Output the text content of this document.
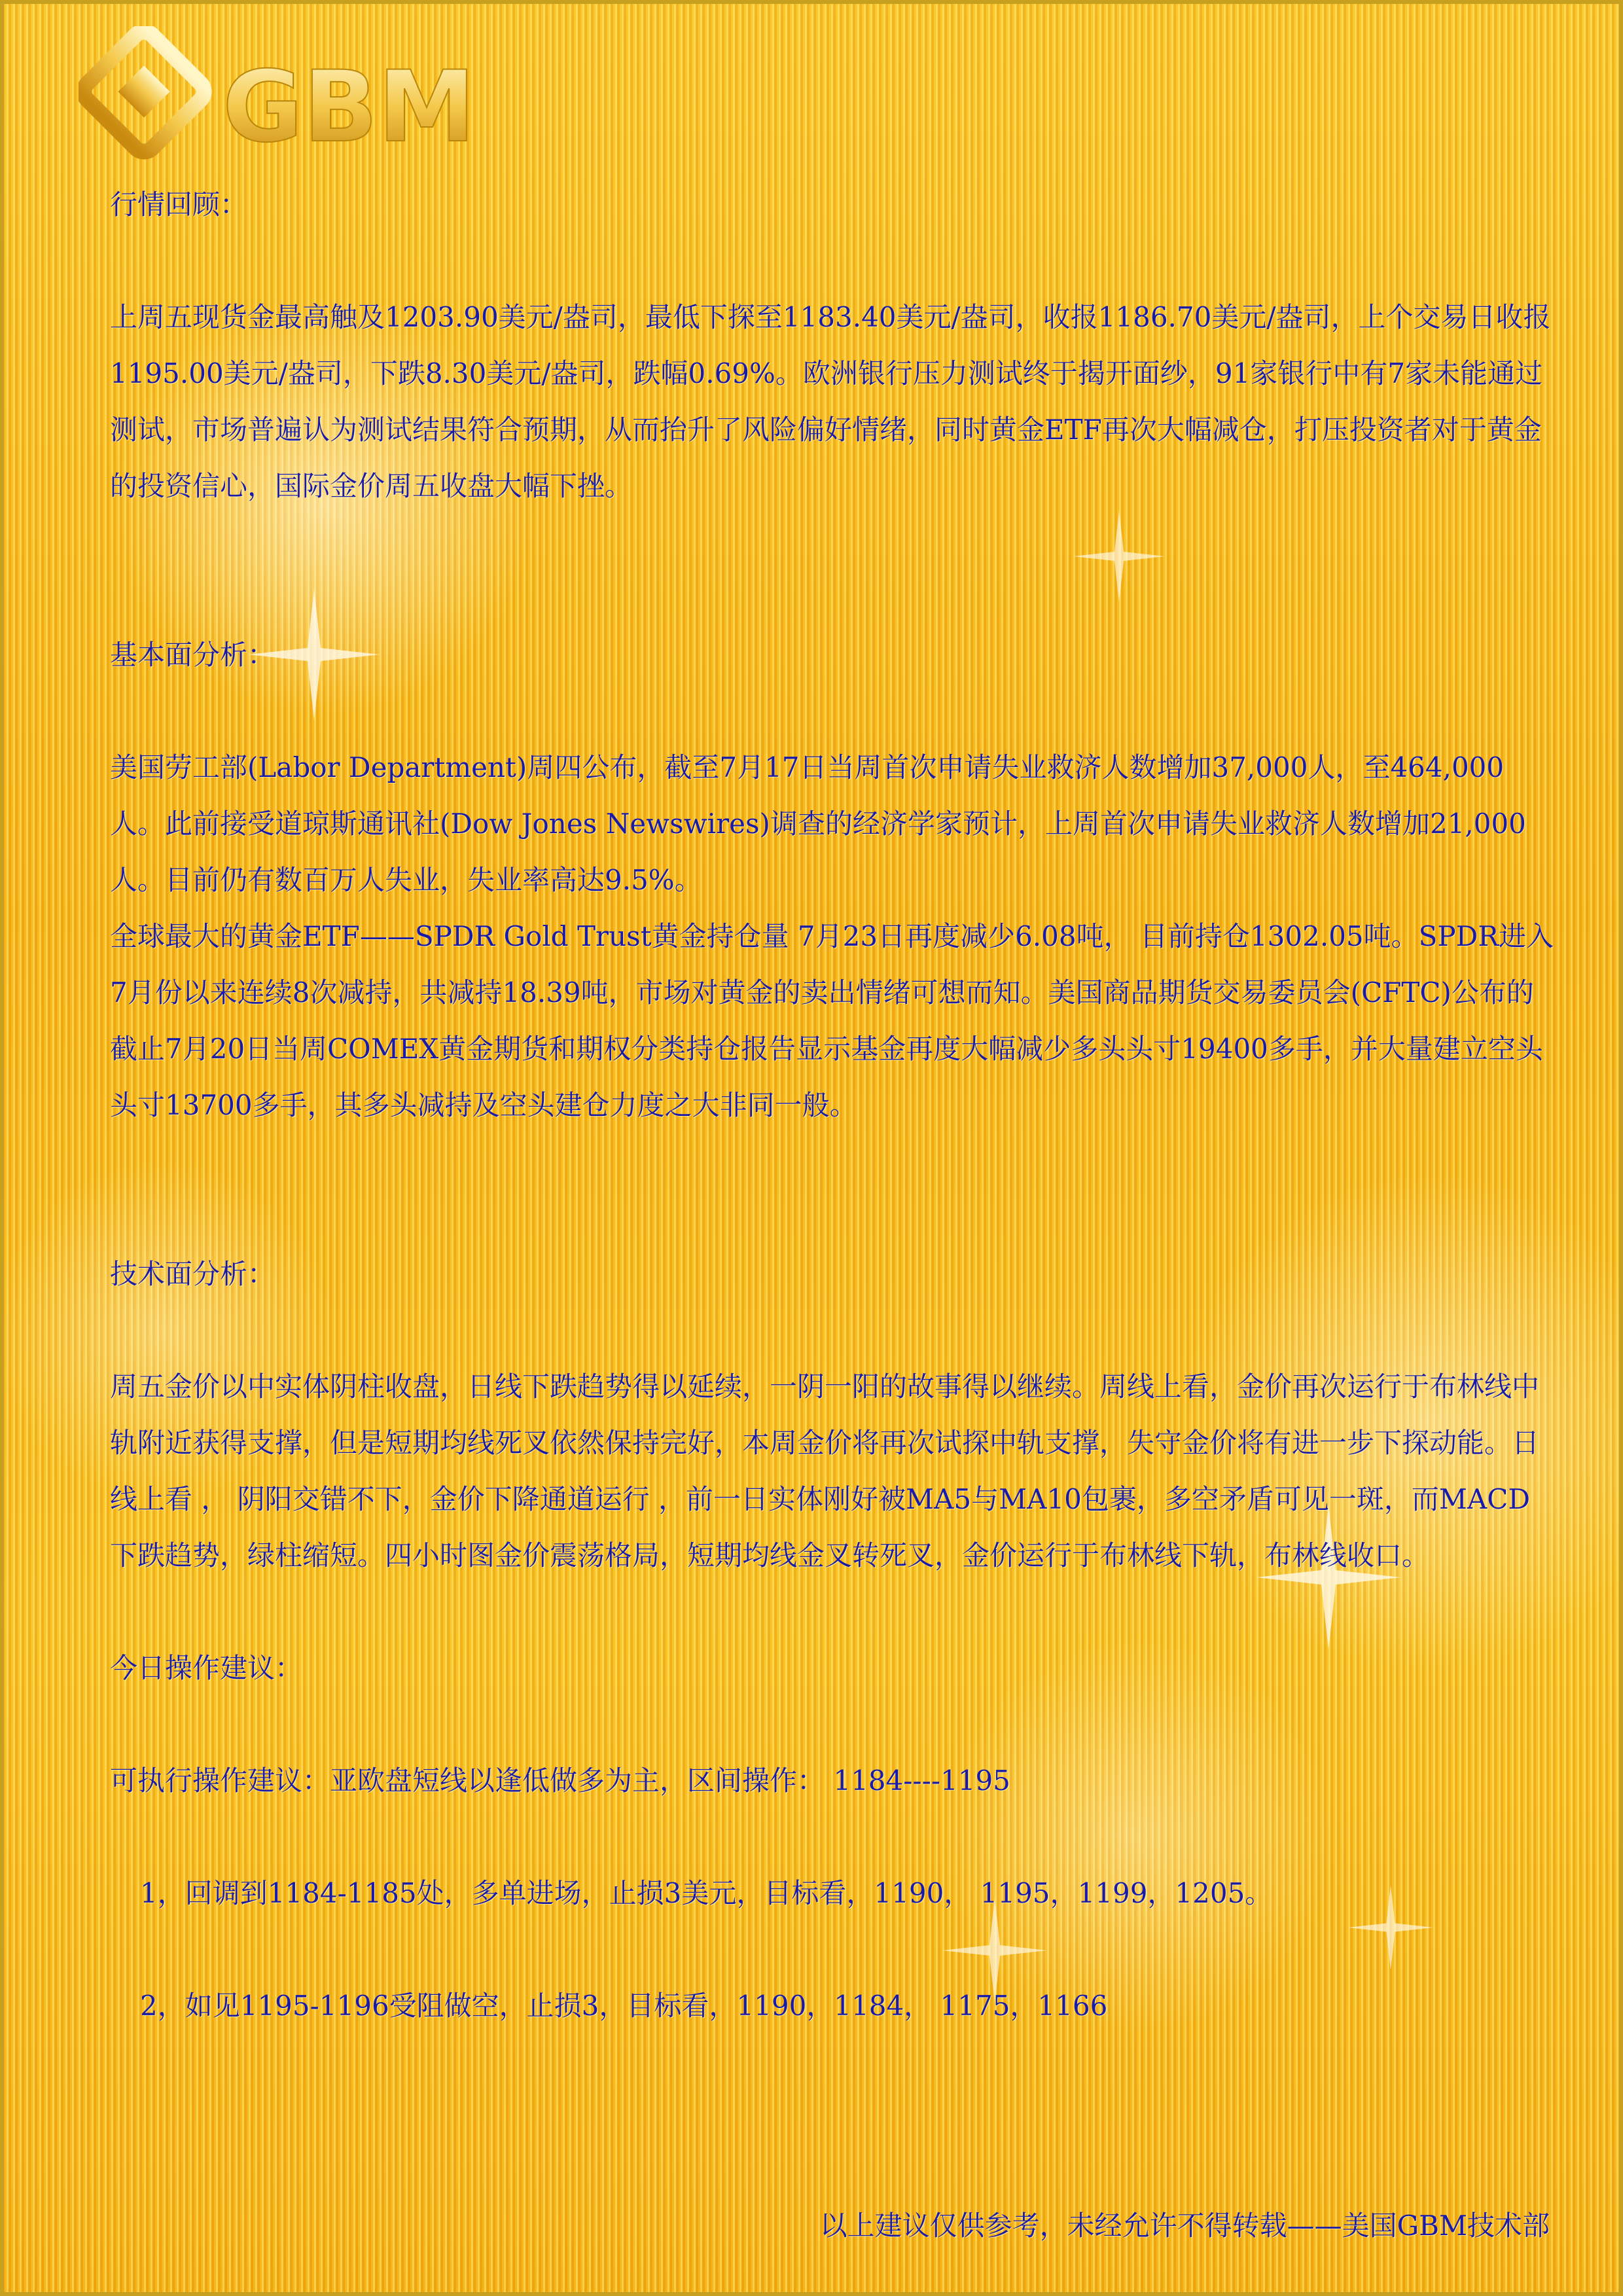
GBM

行情回顾：

上周五现货金最高触及1203.90美元/盎司，最低下探至1183.40美元/盎司，收报1186.70美元/盎司，上个交易日收报1195.00美元/盎司，下跌8.30美元/盎司，跌幅0.69%。欧洲银行压力测试终于揭开面纱，91家银行中有7家未能通过测试，市场普遍认为测试结果符合预期，从而抬升了风险偏好情绪，同时黄金ETF再次大幅减仓，打压投资者对于黄金的投资信心，国际金价周五收盘大幅下挫。

基本面分析：

美国劳工部(Labor Department)周四公布，截至7月17日当周首次申请失业救济人数增加37,000人，至464,000人。此前接受道琼斯通讯社(Dow Jones Newswires)调查的经济学家预计，上周首次申请失业救济人数增加21,000人。目前仍有数百万人失业，失业率高达9.5%。

全球最大的黄金ETF——SPDR Gold Trust黄金持仓量 7月23日再度减少6.08吨， 目前持仓1302.05吨。SPDR进入7月份以来连续8次减持，共减持18.39吨，市场对黄金的卖出情绪可想而知。美国商品期货交易委员会(CFTC)公布的截止7月20日当周COMEX黄金期货和期权分类持仓报告显示基金再度大幅减少多头头寸19400多手，并大量建立空头头寸13700多手，其多头减持及空头建仓力度之大非同一般。

技术面分析：

周五金价以中实体阴柱收盘，日线下跌趋势得以延续，一阴一阳的故事得以继续。周线上看，金价再次运行于布林线中轨附近获得支撑，但是短期均线死叉依然保持完好，本周金价将再次试探中轨支撑，失守金价将有进一步下探动能。日线上看 ， 阴阳交错不下，金价下降通道运行 ，前一日实体刚好被MA5与MA10包裹，多空矛盾可见一斑，而MACD下跌趋势，绿柱缩短。四小时图金价震荡格局，短期均线金叉转死叉，金价运行于布林线下轨，布林线收口。

今日操作建议：

可执行操作建议：亚欧盘短线以逢低做多为主，区间操作： 1184----1195

1，回调到1184-1185处，多单进场，止损3美元，目标看，1190， 1195，1199，1205。

2，如见1195-1196受阻做空，止损3，目标看，1190，1184， 1175，1166

以上建议仅供参考，未经允许不得转载——美国GBM技术部
